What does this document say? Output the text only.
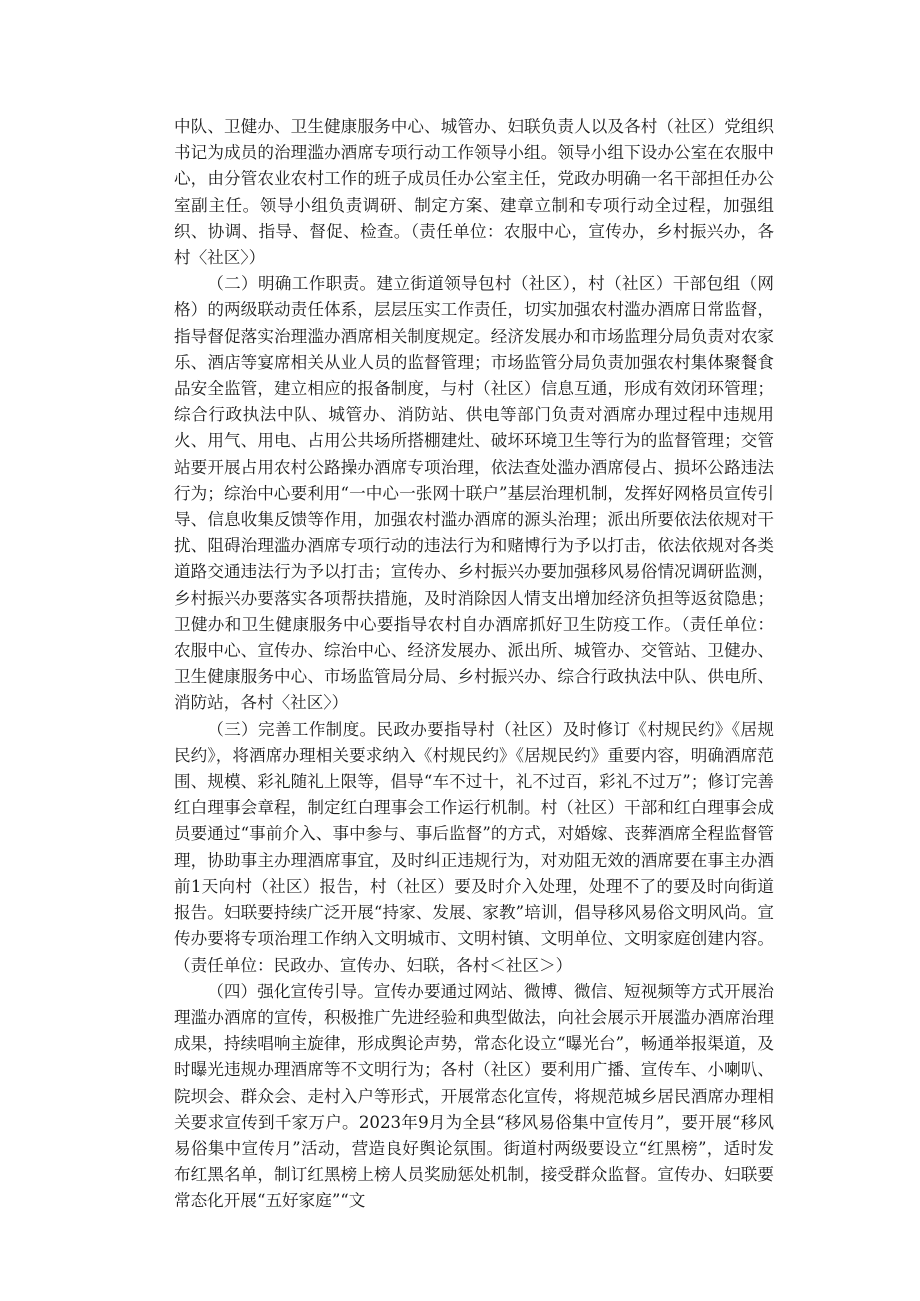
中队、卫健办、卫生健康服务中心、城管办、妇联负责人以及各村（社区）党组织书记为成员的治理滥办酒席专项行动工作领导小组。领导小组下设办公室在农服中心，由分管农业农村工作的班子成员任办公室主任，党政办明确一名干部担任办公室副主任。领导小组负责调研、制定方案、建章立制和专项行动全过程，加强组织、协调、指导、督促、检查。（责任单位：农服中心，宣传办，乡村振兴办，各村〈社区〉）

（二）明确工作职责。建立街道领导包村（社区），村（社区）干部包组（网格）的两级联动责任体系，层层压实工作责任，切实加强农村滥办酒席日常监督，指导督促落实治理滥办酒席相关制度规定。经济发展办和市场监理分局负责对农家乐、酒店等宴席相关从业人员的监督管理；市场监管分局负责加强农村集体聚餐食品安全监管，建立相应的报备制度，与村（社区）信息互通，形成有效闭环管理；综合行政执法中队、城管办、消防站、供电等部门负责对酒席办理过程中违规用火、用气、用电、占用公共场所搭棚建灶、破坏环境卫生等行为的监督管理；交管站要开展占用农村公路操办酒席专项治理，依法查处滥办酒席侵占、损坏公路违法行为；综治中心要利用“一中心一张网十联户”基层治理机制，发挥好网格员宣传引导、信息收集反馈等作用，加强农村滥办酒席的源头治理；派出所要依法依规对干扰、阻碍治理滥办酒席专项行动的违法行为和赌博行为予以打击，依法依规对各类道路交通违法行为予以打击；宣传办、乡村振兴办要加强移风易俗情况调研监测，乡村振兴办要落实各项帮扶措施，及时消除因人情支出增加经济负担等返贫隐患；卫健办和卫生健康服务中心要指导农村自办酒席抓好卫生防疫工作。（责任单位：农服中心、宣传办、综治中心、经济发展办、派出所、城管办、交管站、卫健办、卫生健康服务中心、市场监管局分局、乡村振兴办、综合行政执法中队、供电所、消防站，各村〈社区〉）

（三）完善工作制度。民政办要指导村（社区）及时修订《村规民约》《居规民约》，将酒席办理相关要求纳入《村规民约》《居规民约》重要内容，明确酒席范围、规模、彩礼随礼上限等，倡导“车不过十，礼不过百，彩礼不过万”；修订完善红白理事会章程，制定红白理事会工作运行机制。村（社区）干部和红白理事会成员要通过“事前介入、事中参与、事后监督”的方式，对婚嫁、丧葬酒席全程监督管理，协助事主办理酒席事宜，及时纠正违规行为，对劝阻无效的酒席要在事主办酒前1天向村（社区）报告，村（社区）要及时介入处理，处理不了的要及时向街道报告。妇联要持续广泛开展“持家、发展、家教”培训，倡导移风易俗文明风尚。宣传办要将专项治理工作纳入文明城市、文明村镇、文明单位、文明家庭创建内容。（责任单位：民政办、宣传办、妇联，各村＜社区＞）

（四）强化宣传引导。宣传办要通过网站、微博、微信、短视频等方式开展治理滥办酒席的宣传，积极推广先进经验和典型做法，向社会展示开展滥办酒席治理成果，持续唱响主旋律，形成舆论声势，常态化设立“曝光台”，畅通举报渠道，及时曝光违规办理酒席等不文明行为；各村（社区）要利用广播、宣传车、小喇叭、院坝会、群众会、走村入户等形式，开展常态化宣传，将规范城乡居民酒席办理相关要求宣传到千家万户。2023年9月为全县“移风易俗集中宣传月”，要开展“移风易俗集中宣传月”活动，营造良好舆论氛围。街道村两级要设立“红黑榜”，适时发布红黑名单，制订红黑榜上榜人员奖励惩处机制，接受群众监督。宣传办、妇联要常态化开展“五好家庭”“文
